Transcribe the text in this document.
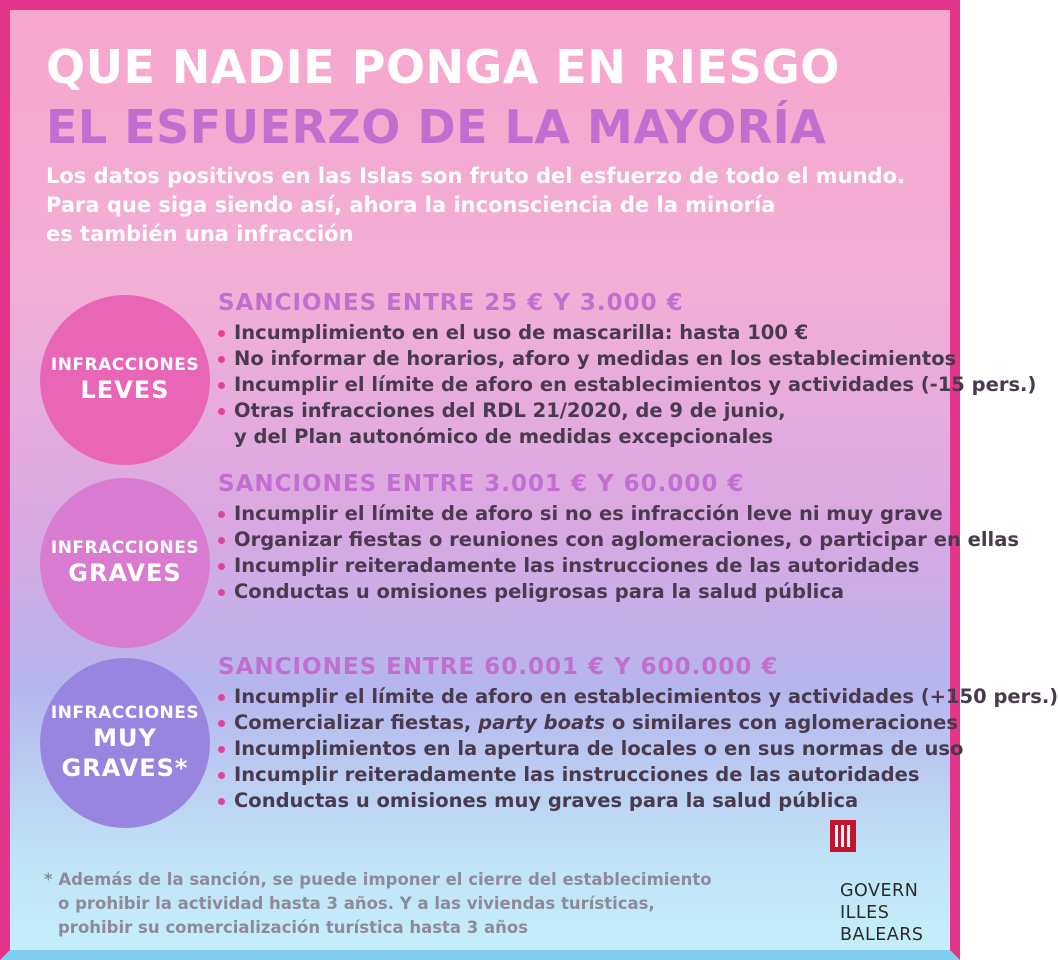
QUE NADIE PONGA EN RIESGO
EL ESFUERZO DE LA MAYORÍA
Los datos positivos en las Islas son fruto del esfuerzo de todo el mundo.
Para que siga siendo así, ahora la inconsciencia de la minoría
es también una infracción
INFRACCIONES
LEVES
SANCIONES ENTRE 25 € Y 3.000 €
Incumplimiento en el uso de mascarilla: hasta 100 €
No informar de horarios, aforo y medidas en los establecimientos
Incumplir el límite de aforo en establecimientos y actividades (-15 pers.)
Otras infracciones del RDL 21/2020, de 9 de junio,
y del Plan autonómico de medidas excepcionales
INFRACCIONES
GRAVES
SANCIONES ENTRE 3.001 € Y 60.000 €
Incumplir el límite de aforo si no es infracción leve ni muy grave
Organizar fiestas o reuniones con aglomeraciones, o participar en ellas
Incumplir reiteradamente las instrucciones de las autoridades
Conductas u omisiones peligrosas para la salud pública
INFRACCIONES
MUY
GRAVES*
SANCIONES ENTRE 60.001 € Y 600.000 €
Incumplir el límite de aforo en establecimientos y actividades (+150 pers.)
Comercializar fiestas, party boats o similares con aglomeraciones
Incumplimientos en la apertura de locales o en sus normas de uso
Incumplir reiteradamente las instrucciones de las autoridades
Conductas u omisiones muy graves para la salud pública
* Además de la sanción, se puede imponer el cierre del establecimiento
o prohibir la actividad hasta 3 años. Y a las viviendas turísticas,
prohibir su comercialización turística hasta 3 años
GOVERN
ILLES
BALEARS
